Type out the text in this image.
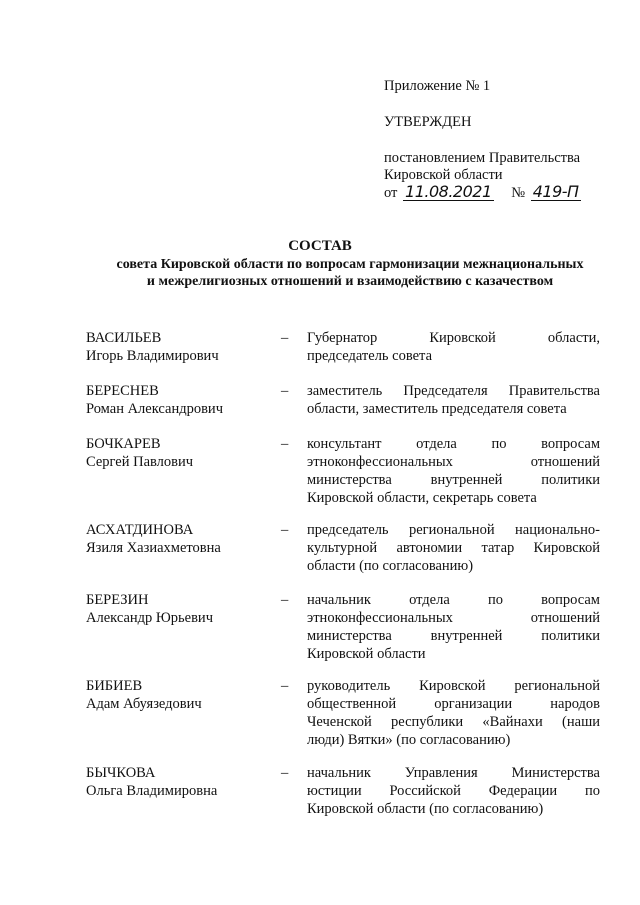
Приложение № 1
УТВЕРЖДЕН
постановлением Правительства
Кировской области
от 11.08.2021 № 419-П
СОСТАВ
совета Кировской области по вопросам гармонизации межнациональных
и межрелигиозных отношений и взаимодействию с казачеством
ВАСИЛЬЕВ
Игорь Владимирович
– Губернатор Кировской области,
председатель совета
БЕРЕСНЕВ
Роман Александрович
– заместитель Председателя Правительства
области, заместитель председателя совета
БОЧКАРЕВ
Сергей Павлович
– консультант отдела по вопросам
этноконфессиональных отношений
министерства внутренней политики
Кировской области, секретарь совета
АСХАТДИНОВА
Язиля Хазиахметовна
– председатель региональной национально-
культурной автономии татар Кировской
области (по согласованию)
БЕРЕЗИН
Александр Юрьевич
– начальник отдела по вопросам
этноконфессиональных отношений
министерства внутренней политики
Кировской области
БИБИЕВ
Адам Абуязедович
– руководитель Кировской региональной
общественной организации народов
Чеченской республики «Вайнахи (наши
люди) Вятки» (по согласованию)
БЫЧКОВА
Ольга Владимировна
– начальник Управления Министерства
юстиции Российской Федерации по
Кировской области (по согласованию)
